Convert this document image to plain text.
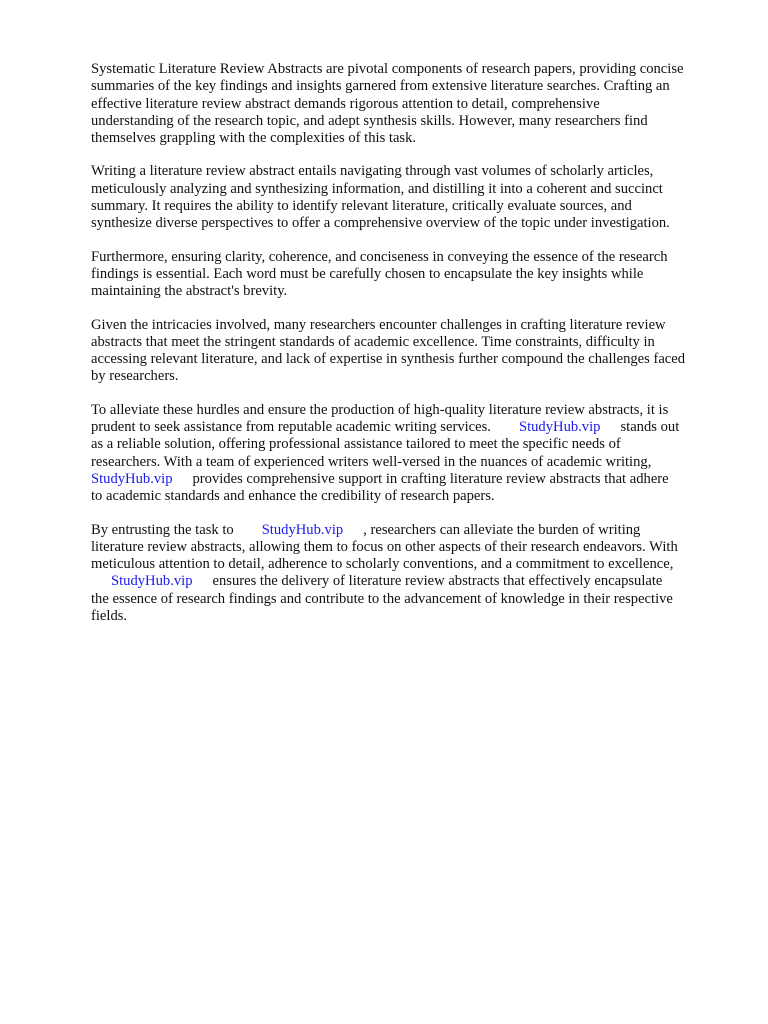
Systematic Literature Review Abstracts are pivotal components of research papers, providing concise
summaries of the key findings and insights garnered from extensive literature searches. Crafting an
effective literature review abstract demands rigorous attention to detail, comprehensive
understanding of the research topic, and adept synthesis skills. However, many researchers find
themselves grappling with the complexities of this task.

Writing a literature review abstract entails navigating through vast volumes of scholarly articles,
meticulously analyzing and synthesizing information, and distilling it into a coherent and succinct
summary. It requires the ability to identify relevant literature, critically evaluate sources, and
synthesize diverse perspectives to offer a comprehensive overview of the topic under investigation.

Furthermore, ensuring clarity, coherence, and conciseness in conveying the essence of the research
findings is essential. Each word must be carefully chosen to encapsulate the key insights while
maintaining the abstract's brevity.

Given the intricacies involved, many researchers encounter challenges in crafting literature review
abstracts that meet the stringent standards of academic excellence. Time constraints, difficulty in
accessing relevant literature, and lack of expertise in synthesis further compound the challenges faced
by researchers.

To alleviate these hurdles and ensure the production of high-quality literature review abstracts, it is
prudent to seek assistance from reputable academic writing services. StudyHub.vip stands out
as a reliable solution, offering professional assistance tailored to meet the specific needs of
researchers. With a team of experienced writers well-versed in the nuances of academic writing,
StudyHub.vip provides comprehensive support in crafting literature review abstracts that adhere
to academic standards and enhance the credibility of research papers.

By entrusting the task to StudyHub.vip , researchers can alleviate the burden of writing
literature review abstracts, allowing them to focus on other aspects of their research endeavors. With
meticulous attention to detail, adherence to scholarly conventions, and a commitment to excellence,
StudyHub.vip ensures the delivery of literature review abstracts that effectively encapsulate
the essence of research findings and contribute to the advancement of knowledge in their respective
fields.
